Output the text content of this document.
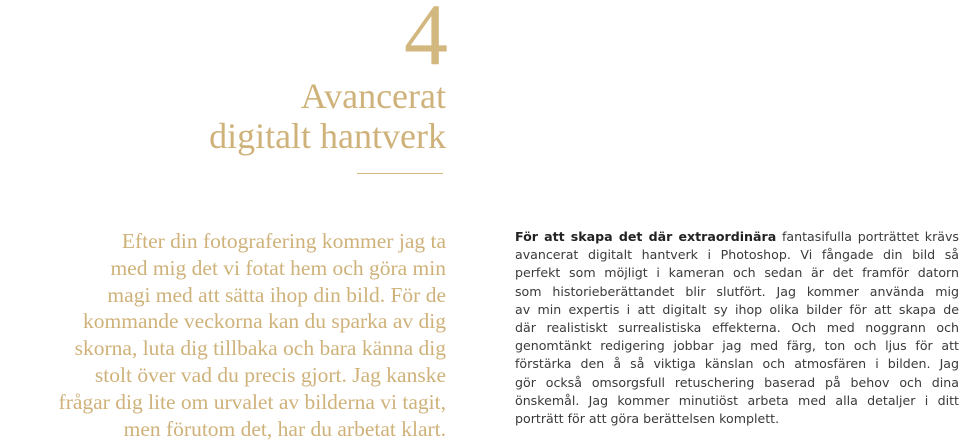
4
Avancerat
digitalt hantverk

Efter din fotografering kommer jag ta
med mig det vi fotat hem och göra min
magi med att sätta ihop din bild. För de
kommande veckorna kan du sparka av dig
skorna, luta dig tillbaka och bara känna dig
stolt över vad du precis gjort. Jag kanske
frågar dig lite om urvalet av bilderna vi tagit,
men förutom det, har du arbetat klart.

För att skapa det där extraordinära fantasifulla porträttet krävs
avancerat digitalt hantverk i Photoshop. Vi fångade din bild så
perfekt som möjligt i kameran och sedan är det framför datorn
som historieberättandet blir slutfört. Jag kommer använda mig
av min expertis i att digitalt sy ihop olika bilder för att skapa de
där realistiskt surrealistiska effekterna. Och med noggrann och
genomtänkt redigering jobbar jag med färg, ton och ljus för att
förstärka den å så viktiga känslan och atmosfären i bilden. Jag
gör också omsorgsfull retuschering baserad på behov och dina
önskemål. Jag kommer minutiöst arbeta med alla detaljer i ditt
porträtt för att göra berättelsen komplett.
